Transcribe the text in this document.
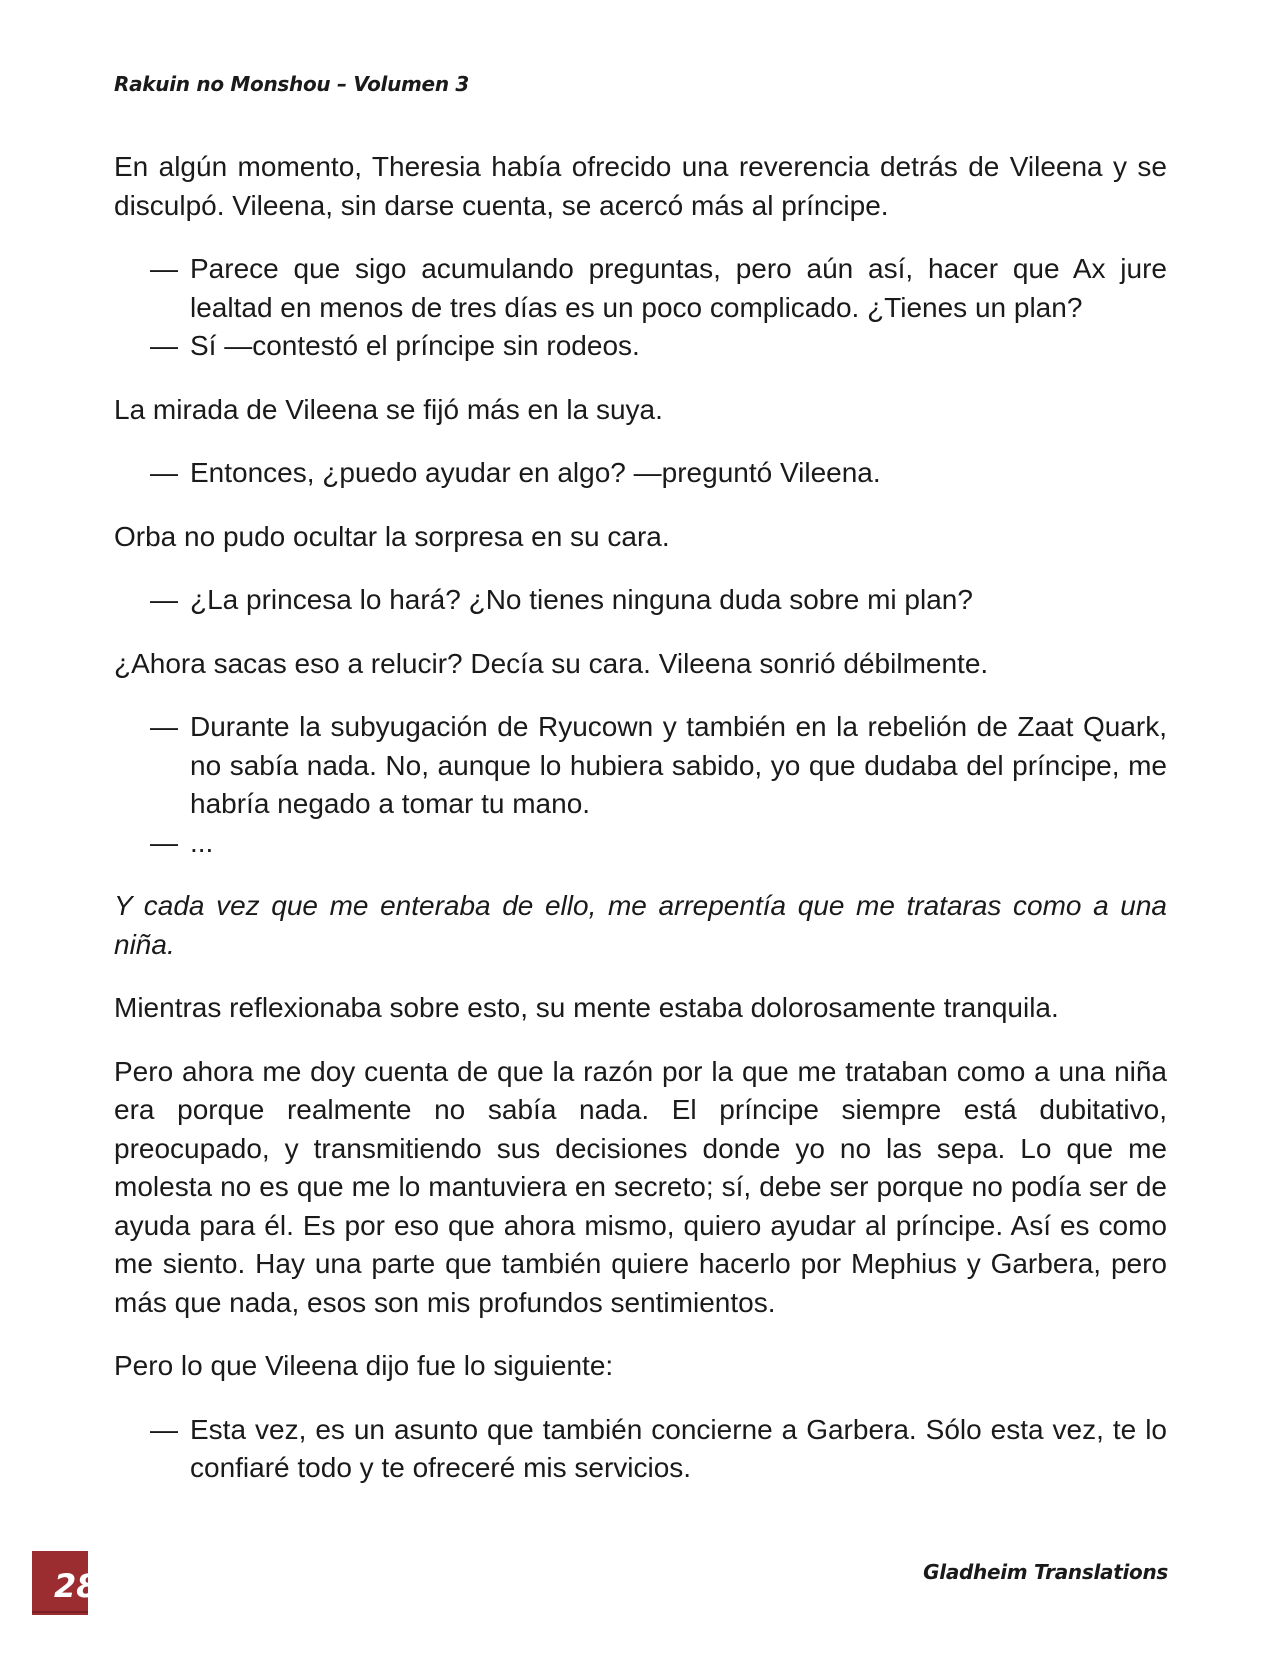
Rakuin no Monshou – Volumen 3

En algún momento, Theresia había ofrecido una reverencia detrás de Vileena y se disculpó. Vileena, sin darse cuenta, se acercó más al príncipe.

— Parece que sigo acumulando preguntas, pero aún así, hacer que Ax jure lealtad en menos de tres días es un poco complicado. ¿Tienes un plan?
— Sí —contestó el príncipe sin rodeos.

La mirada de Vileena se fijó más en la suya.

— Entonces, ¿puedo ayudar en algo? —preguntó Vileena.

Orba no pudo ocultar la sorpresa en su cara.

— ¿La princesa lo hará? ¿No tienes ninguna duda sobre mi plan?

¿Ahora sacas eso a relucir? Decía su cara. Vileena sonrió débilmente.

— Durante la subyugación de Ryucown y también en la rebelión de Zaat Quark, no sabía nada. No, aunque lo hubiera sabido, yo que dudaba del príncipe, me habría negado a tomar tu mano.
— ...

Y cada vez que me enteraba de ello, me arrepentía que me trataras como a una niña.

Mientras reflexionaba sobre esto, su mente estaba dolorosamente tranquila.

Pero ahora me doy cuenta de que la razón por la que me trataban como a una niña era porque realmente no sabía nada. El príncipe siempre está dubitativo, preocupado, y transmitiendo sus decisiones donde yo no las sepa. Lo que me molesta no es que me lo mantuviera en secreto; sí, debe ser porque no podía ser de ayuda para él. Es por eso que ahora mismo, quiero ayudar al príncipe. Así es como me siento. Hay una parte que también quiere hacerlo por Mephius y Garbera, pero más que nada, esos son mis profundos sentimientos.

Pero lo que Vileena dijo fue lo siguiente:

— Esta vez, es un asunto que también concierne a Garbera. Sólo esta vez, te lo confiaré todo y te ofreceré mis servicios.
28	Gladheim Translations
